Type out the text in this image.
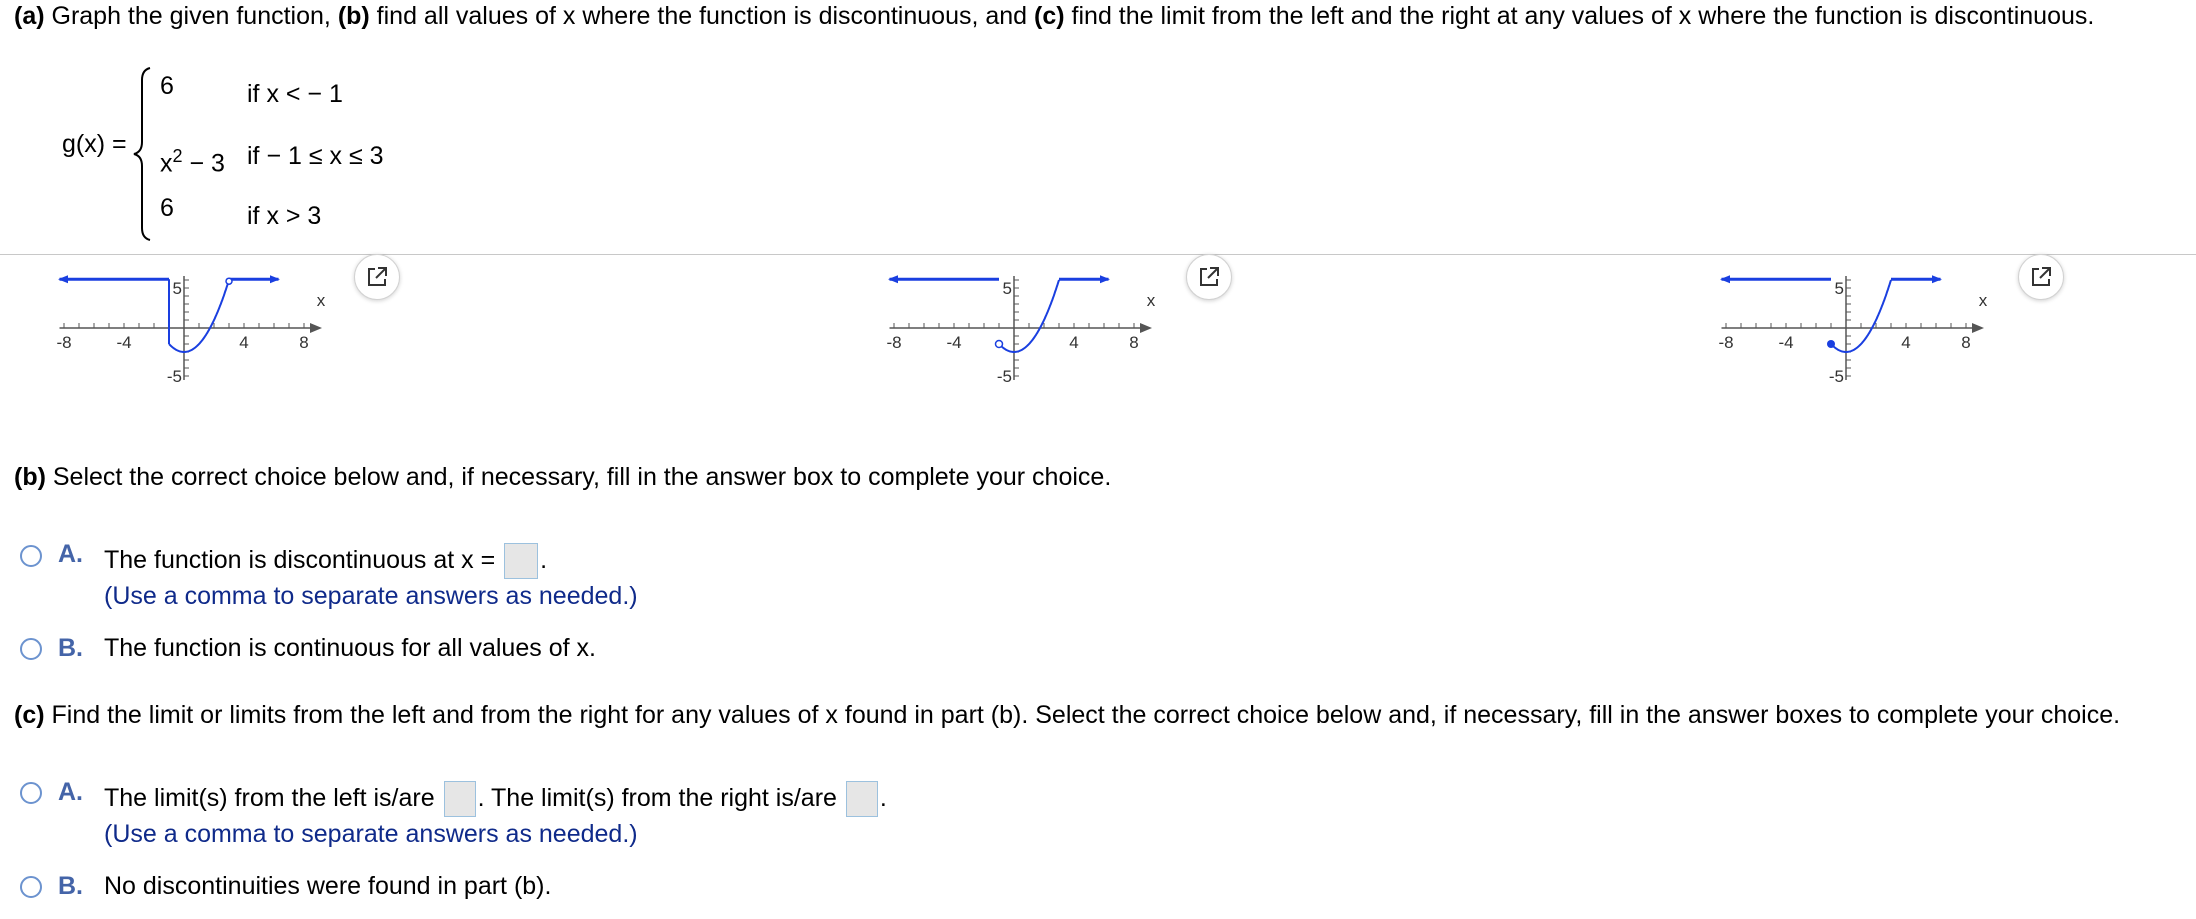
(a) Graph the given function, (b) find all values of x where the function is discontinuous, and (c) find the limit from the left and the right at any values of x where the function is discontinuous.
g(x) =
6	if x < − 1
$x^2 - 3$ if − 1 ≤ x ≤ 3
6	if x > 3
-8	-4	4	8
5
-5
x
-8	-4	4	8
5
-5
x
-8	-4	4	8
5
-5
x
(b) Select the correct choice below and, if necessary, fill in the answer box to complete your choice.
A. The function is discontinuous at x = .
(Use a comma to separate answers as needed.)
B. The function is continuous for all values of x.
(c) Find the limit or limits from the left and from the right for any values of x found in part (b). Select the correct choice below and, if necessary, fill in the answer boxes to complete your choice.
A. The limit(s) from the left is/are . The limit(s) from the right is/are .
(Use a comma to separate answers as needed.)
B. No discontinuities were found in part (b).
